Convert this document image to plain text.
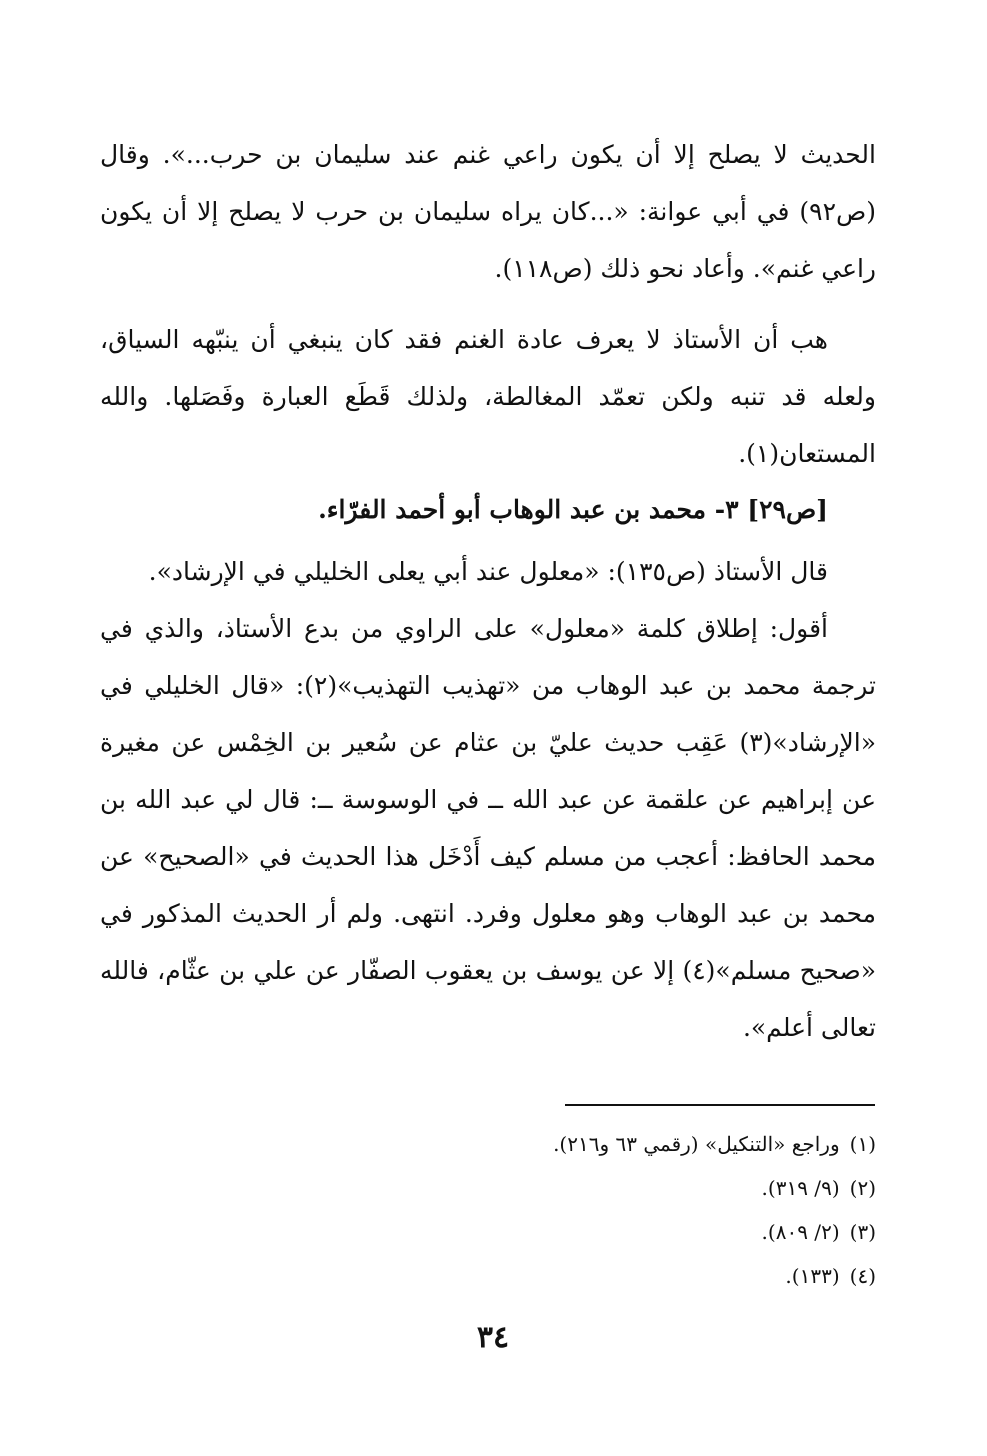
الحديث لا يصلح إلا أن يكون راعي غنم عند سليمان بن حرب...». وقال (ص٩٢) في أبي عوانة: «...كان يراه سليمان بن حرب لا يصلح إلا أن يكون راعي غنم». وأعاد نحو ذلك (ص١١٨).

هب أن الأستاذ لا يعرف عادة الغنم فقد كان ينبغي أن ينبّهه السياق، ولعله قد تنبه ولكن تعمّد المغالطة، ولذلك قَطَع العبارة وفَصَلها. والله المستعان(١).

[ص٢٩] ٣- محمد بن عبد الوهاب أبو أحمد الفرّاء.

قال الأستاذ (ص١٣٥): «معلول عند أبي يعلى الخليلي في الإرشاد».

أقول: إطلاق كلمة «معلول» على الراوي من بدع الأستاذ، والذي في ترجمة محمد بن عبد الوهاب من «تهذيب التهذيب»(٢): «قال الخليلي في «الإرشاد»(٣) عَقِب حديث عليّ بن عثام عن سُعير بن الخِمْس عن مغيرة عن إبراهيم عن علقمة عن عبد الله ــ في الوسوسة ــ: قال لي عبد الله بن محمد الحافظ: أعجب من مسلم كيف أَدْخَل هذا الحديث في «الصحيح» عن محمد بن عبد الوهاب وهو معلول وفرد. انتهى. ولم أر الحديث المذكور في «صحيح مسلم»(٤) إلا عن يوسف بن يعقوب الصفّار عن علي بن عثّام، فالله تعالى أعلم».

(١)وراجع «التنكيل» (رقمي ٦٣ و٢١٦).

(٢)(٩/ ٣١٩).

(٣)(٢/ ٨٠٩).

(٤)(١٣٣).

٣٤
